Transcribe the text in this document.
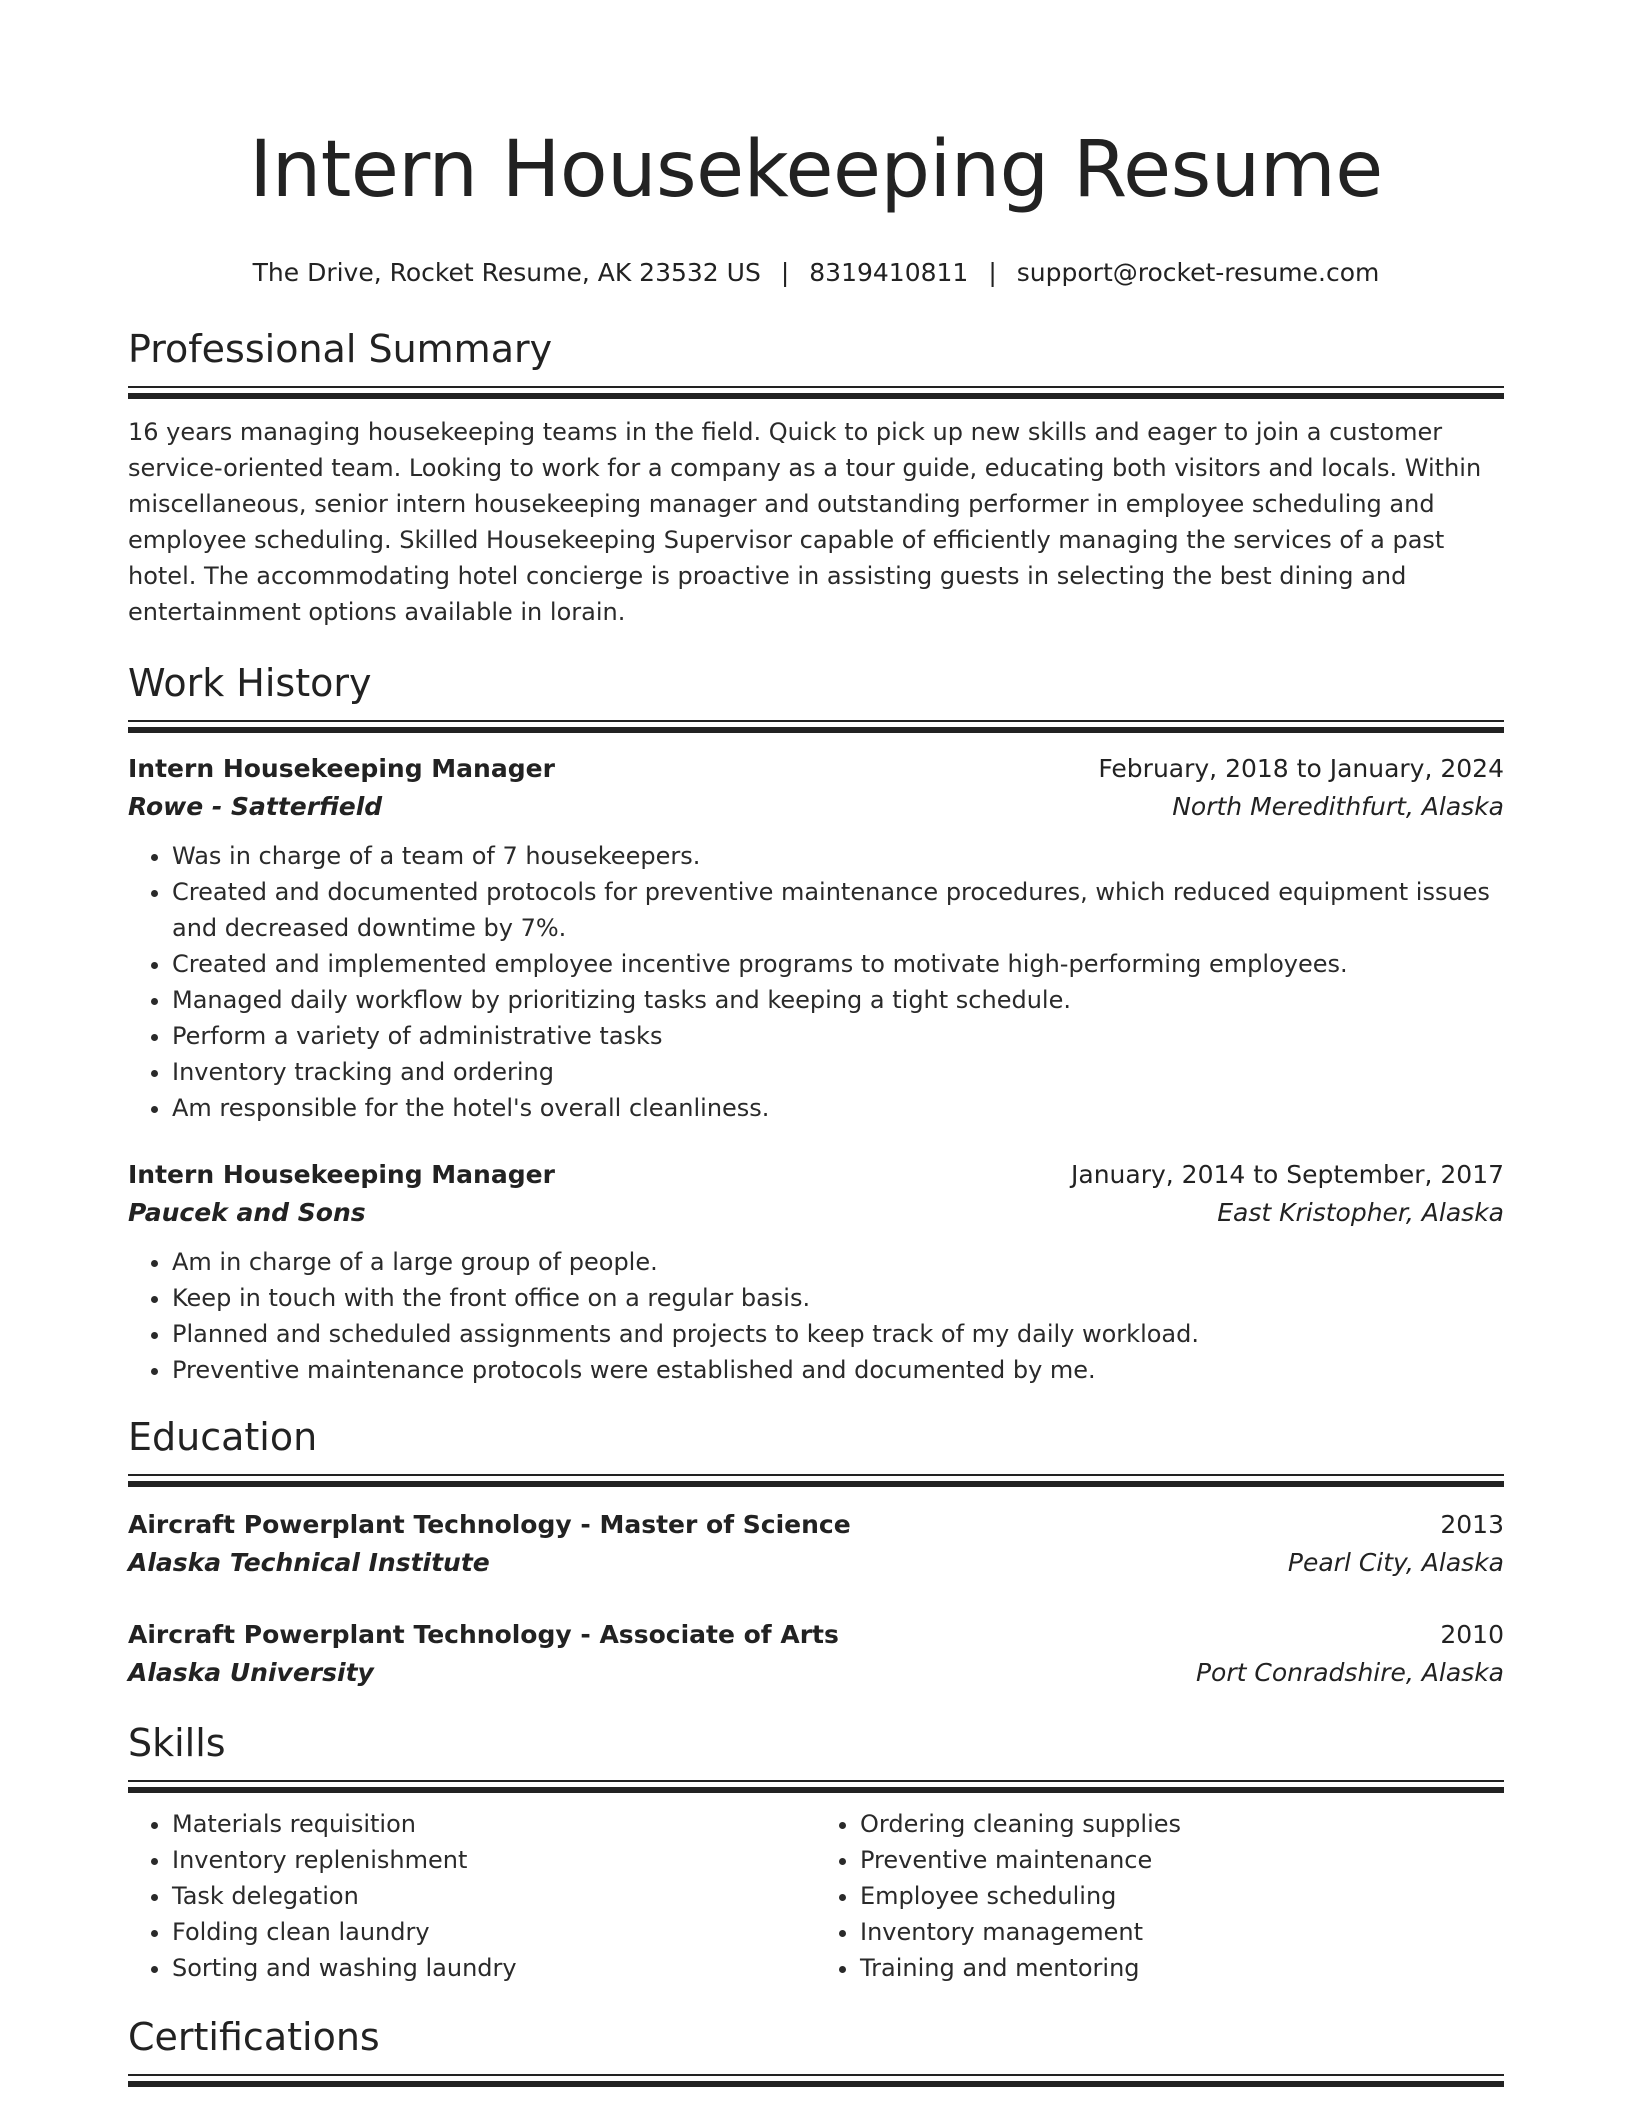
Intern Housekeeping Resume
The Drive, Rocket Resume, AK 23532 US | 8319410811 | support@rocket-resume.com
Professional Summary
16 years managing housekeeping teams in the field. Quick to pick up new skills and eager to join a customer service-oriented team. Looking to work for a company as a tour guide, educating both visitors and locals. Within miscellaneous, senior intern housekeeping manager and outstanding performer in employee scheduling and employee scheduling. Skilled Housekeeping Supervisor capable of efficiently managing the services of a past hotel. The accommodating hotel concierge is proactive in assisting guests in selecting the best dining and entertainment options available in lorain.
Work History
Intern Housekeeping Manager	February, 2018 to January, 2024
Rowe - Satterfield	North Meredithfurt, Alaska
• Was in charge of a team of 7 housekeepers.
• Created and documented protocols for preventive maintenance procedures, which reduced equipment issues and decreased downtime by 7%.
• Created and implemented employee incentive programs to motivate high-performing employees.
• Managed daily workflow by prioritizing tasks and keeping a tight schedule.
• Perform a variety of administrative tasks
• Inventory tracking and ordering
• Am responsible for the hotel's overall cleanliness.
Intern Housekeeping Manager	January, 2014 to September, 2017
Paucek and Sons	East Kristopher, Alaska
• Am in charge of a large group of people.
• Keep in touch with the front office on a regular basis.
• Planned and scheduled assignments and projects to keep track of my daily workload.
• Preventive maintenance protocols were established and documented by me.
Education
Aircraft Powerplant Technology - Master of Science	2013
Alaska Technical Institute	Pearl City, Alaska
Aircraft Powerplant Technology - Associate of Arts	2010
Alaska University	Port Conradshire, Alaska
Skills
• Materials requisition
• Inventory replenishment
• Task delegation
• Folding clean laundry
• Sorting and washing laundry
• Ordering cleaning supplies
• Preventive maintenance
• Employee scheduling
• Inventory management
• Training and mentoring
Certifications
